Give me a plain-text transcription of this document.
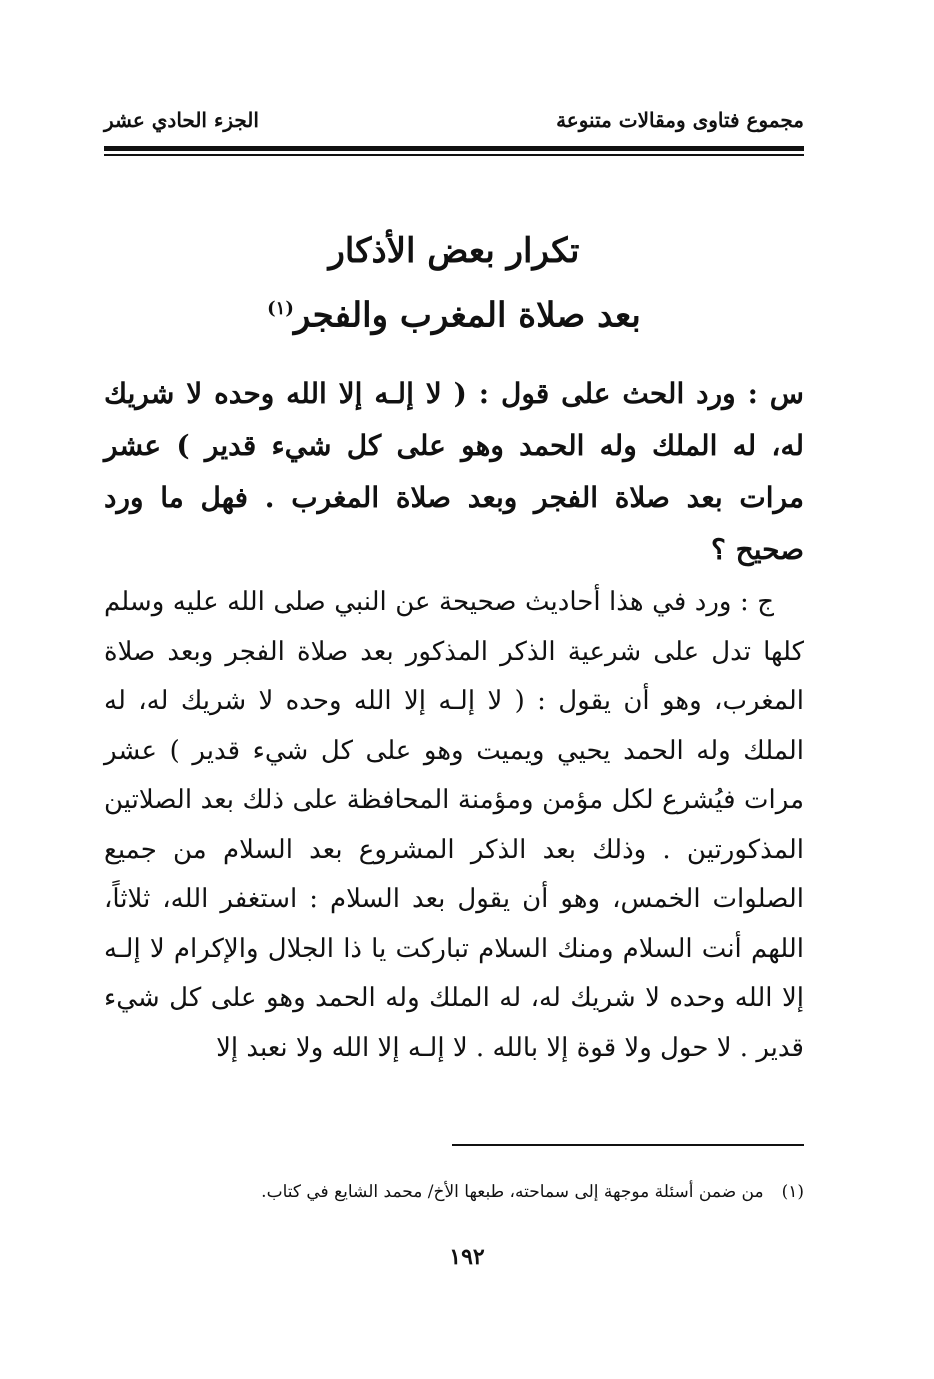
مجموع فتاوى ومقالات متنوعة
الجزء الحادي عشر
تكرار بعض الأذكار
بعد صلاة المغرب والفجر$^{(١)}$
س : ورد الحث على قول : ( لا إلـه إلا الله وحده لا شريك له، له الملك وله الحمد وهو على كل شيء قدير ) عشر مرات بعد صلاة الفجر وبعد صلاة المغرب . فهل ما ورد صحيح ؟

ج : ورد في هذا أحاديث صحيحة عن النبي صلى الله عليه وسلم كلها تدل على شرعية الذكر المذكور بعد صلاة الفجر وبعد صلاة المغرب، وهو أن يقول : ( لا إلـه إلا الله وحده لا شريك له، له الملك وله الحمد يحيي ويميت وهو على كل شيء قدير ) عشر مرات فيُشرع لكل مؤمن ومؤمنة المحافظة على ذلك بعد الصلاتين المذكورتين . وذلك بعد الذكر المشروع بعد السلام من جميع الصلوات الخمس، وهو أن يقول بعد السلام : استغفر الله، ثلاثاً، اللهم أنت السلام ومنك السلام تباركت يا ذا الجلال والإكرام لا إلـه إلا الله وحده لا شريك له، له الملك وله الحمد وهو على كل شيء قدير . لا حول ولا قوة إلا بالله . لا إلـه إلا الله ولا نعبد إلا

(١)من ضمن أسئلة موجهة إلى سماحته، طبعها الأخ/ محمد الشايع في كتاب.
١٩٢
